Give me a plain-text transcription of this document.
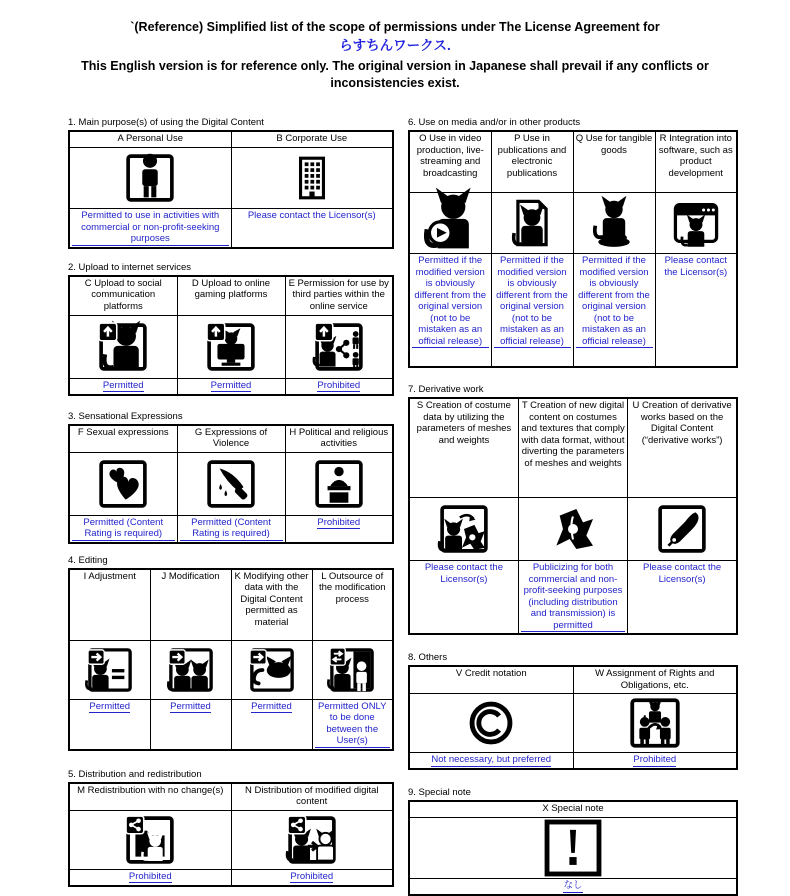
`(Reference) Simplified list of the scope of permissions under The License Agreement for
らすちんワークス.
This English version is for reference only. The original version in Japanese shall prevail if any conflicts or inconsistencies exist.
1. Main purpose(s) of using the Digital Content
A Personal Use	B Corporate Use

Permitted to use in activities with commercial or non-profit-seeking purposes	Please contact the Licensor(s)
2. Upload to internet services
C Upload to social communication platforms	D Upload to online gaming platforms	E Permission for use by third parties within the online service

Permitted	Permitted	Prohibited
3. Sensational Expressions
F Sexual expressions	G Expressions of Violence	H Political and religious activities

Permitted (Content Rating is required)	Permitted (Content Rating is required)	Prohibited
4. Editing
I Adjustment	J Modification	K Modifying other data with the Digital Content permitted as material	L Outsource of the modification process

Permitted	Permitted	Permitted	Permitted ONLY to be done between the User(s)
5. Distribution and redistribution
M Redistribution with no change(s)	N Distribution of modified digital content

Prohibited	Prohibited
6. Use on media and/or in other products
O Use in video production, live-streaming and broadcasting	P Use in publications and electronic publications	Q Use for tangible goods	R Integration into software, such as product development

Permitted if the modified version is obviously different from the original version (not to be mistaken as an official release)	Permitted if the modified version is obviously different from the original version (not to be mistaken as an official release)	Permitted if the modified version is obviously different from the original version (not to be mistaken as an official release)	Please contact the Licensor(s)
7. Derivative work
S Creation of costume data by utilizing the parameters of meshes and weights	T Creation of new digital content on costumes and textures that comply with data format, without diverting the parameters of meshes and weights	U Creation of derivative works based on the Digital Content (“derivative works”)

Please contact the Licensor(s)	Publicizing for both commercial and non-profit-seeking purposes (including distribution and transmission) is permitted	Please contact the Licensor(s)
8. Others
V Credit notation	W Assignment of Rights and Obligations, etc.

Not necessary, but preferred	Prohibited
9. Special note
X Special note

なし
